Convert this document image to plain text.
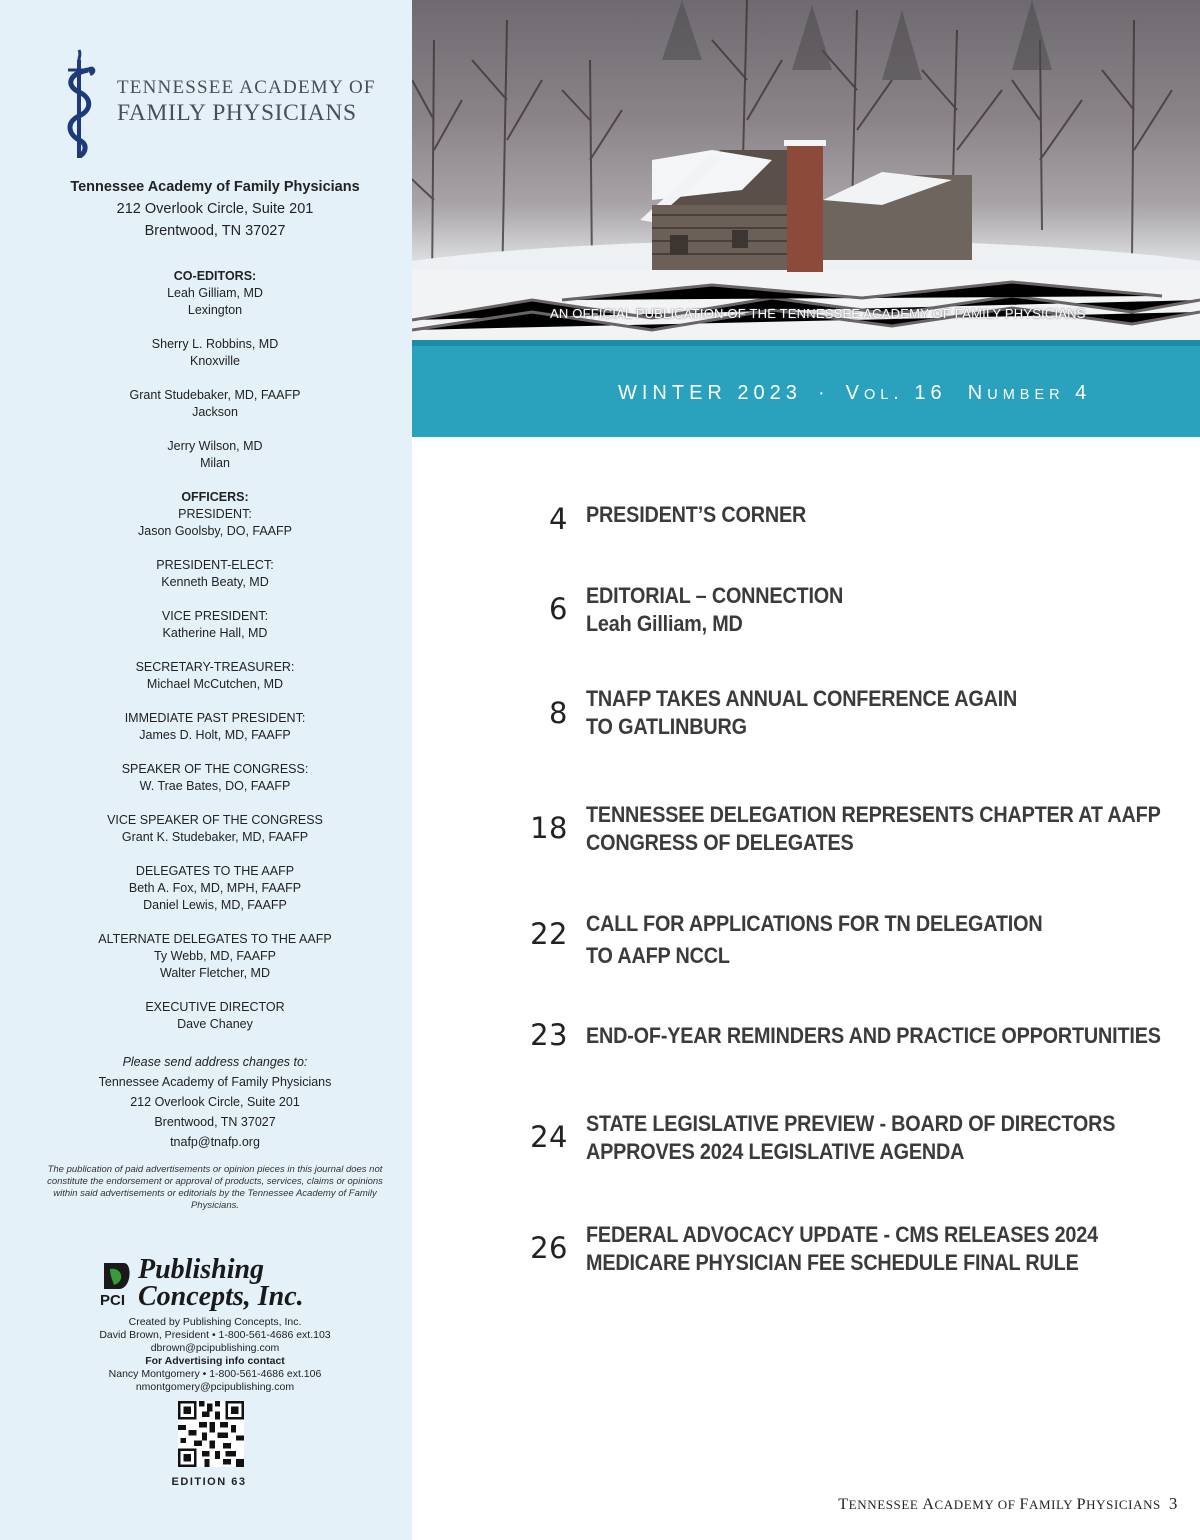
TENNESSEE ACADEMY OF
FAMILY PHYSICIANS
Tennessee Academy of Family Physicians
212 Overlook Circle, Suite 201
Brentwood, TN 37027
CO-EDITORS:
Leah Gilliam, MD
Lexington
Sherry L. Robbins, MD
Knoxville
Grant Studebaker, MD, FAAFP
Jackson
Jerry Wilson, MD
Milan
OFFICERS:
PRESIDENT:
Jason Goolsby, DO, FAAFP
PRESIDENT-ELECT:
Kenneth Beaty, MD
VICE PRESIDENT:
Katherine Hall, MD
SECRETARY-TREASURER:
Michael McCutchen, MD
IMMEDIATE PAST PRESIDENT:
James D. Holt, MD, FAAFP
SPEAKER OF THE CONGRESS:
W. Trae Bates, DO, FAAFP
VICE SPEAKER OF THE CONGRESS
Grant K. Studebaker, MD, FAAFP
DELEGATES TO THE AAFP
Beth A. Fox, MD, MPH, FAAFP
Daniel Lewis, MD, FAAFP
ALTERNATE DELEGATES TO THE AAFP
Ty Webb, MD, FAAFP
Walter Fletcher, MD
EXECUTIVE DIRECTOR
Dave Chaney
Please send address changes to:
Tennessee Academy of Family Physicians
212 Overlook Circle, Suite 201
Brentwood, TN 37027
tnafp@tnafp.org
The publication of paid advertisements or opinion pieces in this journal does not constitute the endorsement or approval of products, services, claims or opinions within said advertisements or editorials by the Tennessee Academy of Family Physicians.
Publishing
Concepts, Inc.
PCI
Created by Publishing Concepts, Inc.
David Brown, President • 1-800-561-4686 ext.103
dbrown@pcipublishing.com
For Advertising info contact
Nancy Montgomery • 1-800-561-4686 ext.106
nmontgomery@pcipublishing.com
EDITION 63
AN OFFICIAL PUBLICATION OF THE TENNESSEE ACADEMY OF FAMILY PHYSICIANS
WINTER 2023 · VOL. 16 NUMBER 4
4 PRESIDENT’S CORNER
6 EDITORIAL – CONNECTION
Leah Gilliam, MD
8 TNAFP TAKES ANNUAL CONFERENCE AGAIN
TO GATLINBURG
18 TENNESSEE DELEGATION REPRESENTS CHAPTER AT AAFP
CONGRESS OF DELEGATES
22 CALL FOR APPLICATIONS FOR TN DELEGATION
TO AAFP NCCL
23 END-OF-YEAR REMINDERS AND PRACTICE OPPORTUNITIES
24 STATE LEGISLATIVE PREVIEW - BOARD OF DIRECTORS
APPROVES 2024 LEGISLATIVE AGENDA
26 FEDERAL ADVOCACY UPDATE - CMS RELEASES 2024
MEDICARE PHYSICIAN FEE SCHEDULE FINAL RULE
TENNESSEE ACADEMY OF FAMILY PHYSICIANS 3
